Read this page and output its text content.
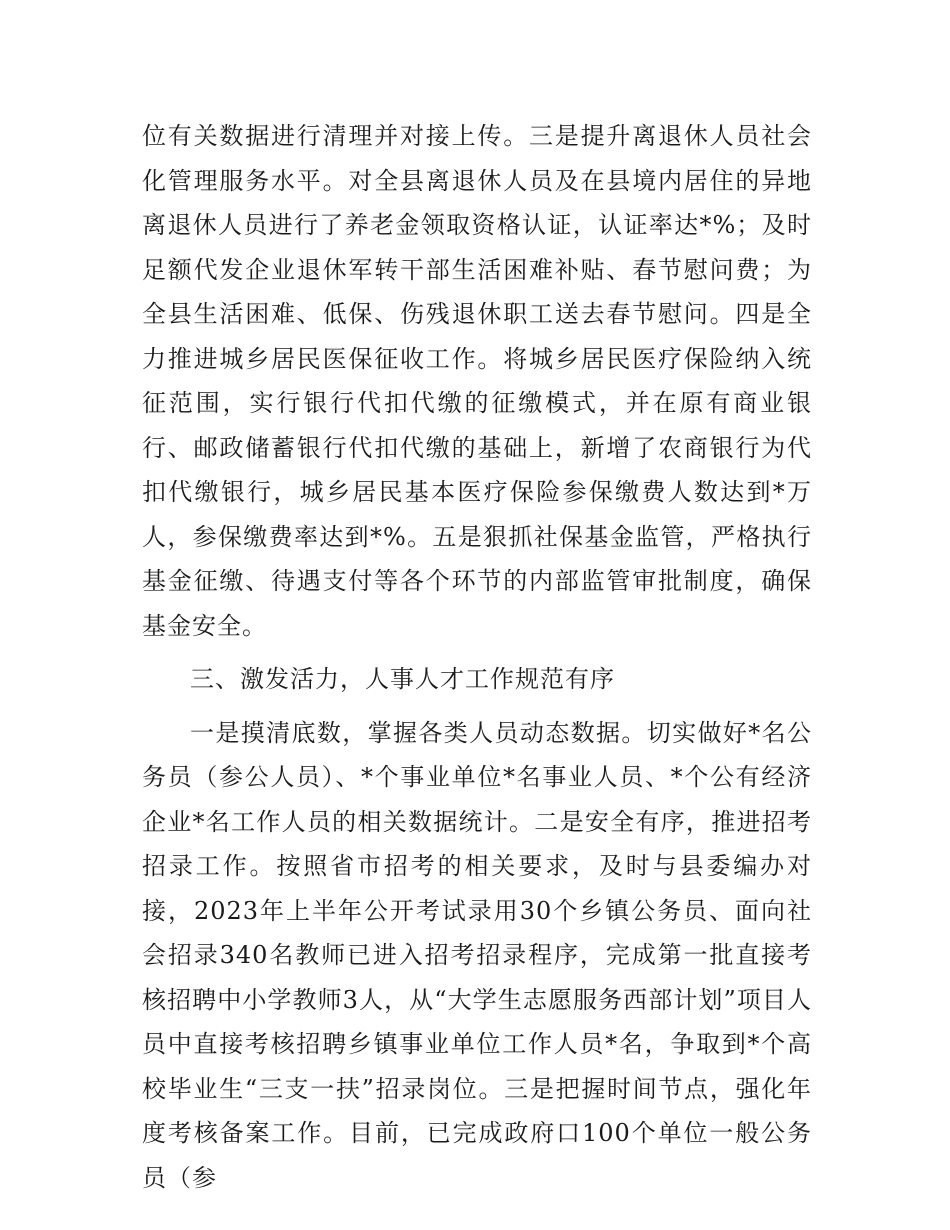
位有关数据进行清理并对接上传。三是提升离退休人员社会化管理服务水平。对全县离退休人员及在县境内居住的异地离退休人员进行了养老金领取资格认证，认证率达*%；及时足额代发企业退休军转干部生活困难补贴、春节慰问费；为全县生活困难、低保、伤残退休职工送去春节慰问。四是全力推进城乡居民医保征收工作。将城乡居民医疗保险纳入统征范围，实行银行代扣代缴的征缴模式，并在原有商业银行、邮政储蓄银行代扣代缴的基础上，新增了农商银行为代扣代缴银行，城乡居民基本医疗保险参保缴费人数达到*万人，参保缴费率达到*%。五是狠抓社保基金监管，严格执行基金征缴、待遇支付等各个环节的内部监管审批制度，确保基金安全。

三、激发活力，人事人才工作规范有序

一是摸清底数，掌握各类人员动态数据。切实做好*名公务员（参公人员）、*个事业单位*名事业人员、*个公有经济企业*名工作人员的相关数据统计。二是安全有序，推进招考招录工作。按照省市招考的相关要求，及时与县委编办对接，2023年上半年公开考试录用30个乡镇公务员、面向社会招录340名教师已进入招考招录程序，完成第一批直接考核招聘中小学教师3人，从“大学生志愿服务西部计划”项目人员中直接考核招聘乡镇事业单位工作人员*名，争取到*个高校毕业生“三支一扶”招录岗位。三是把握时间节点，强化年度考核备案工作。目前，已完成政府口100个单位一般公务员（参
